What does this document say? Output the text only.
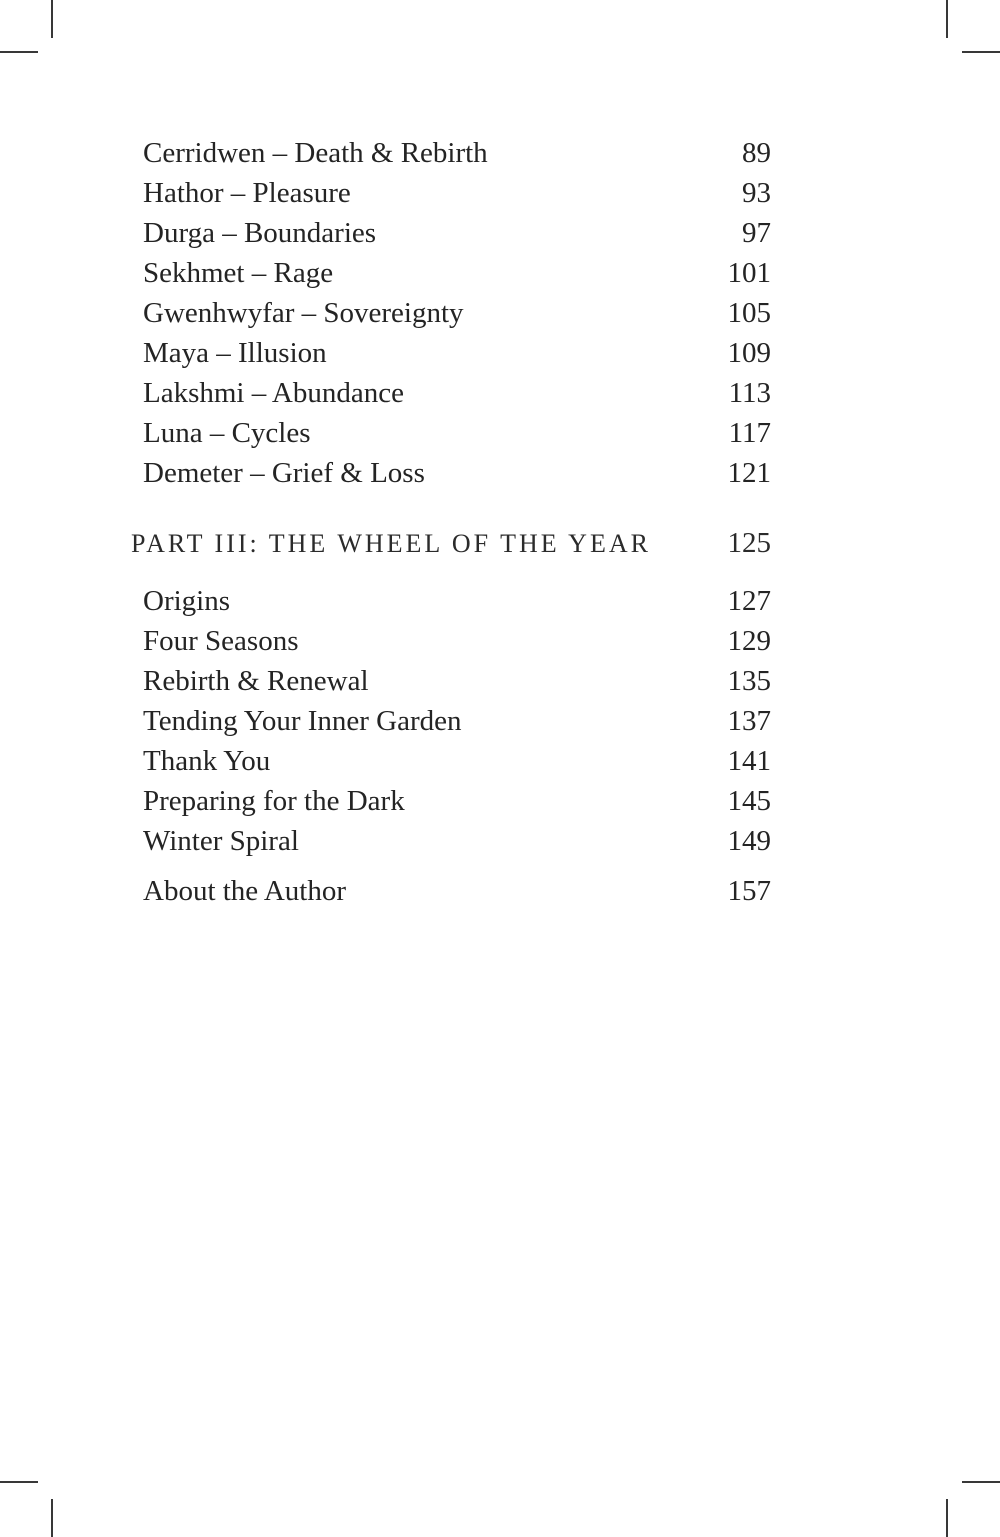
Cerridwen – Death & Rebirth	89
Hathor – Pleasure	93
Durga – Boundaries	97
Sekhmet – Rage	101
Gwenhwyfar – Sovereignty	105
Maya – Illusion	109
Lakshmi – Abundance	113
Luna – Cycles	117
Demeter – Grief & Loss	121
PART III: THE WHEEL OF THE YEAR	125
Origins	127
Four Seasons	129
Rebirth & Renewal	135
Tending Your Inner Garden	137
Thank You	141
Preparing for the Dark	145
Winter Spiral	149
About the Author	157
